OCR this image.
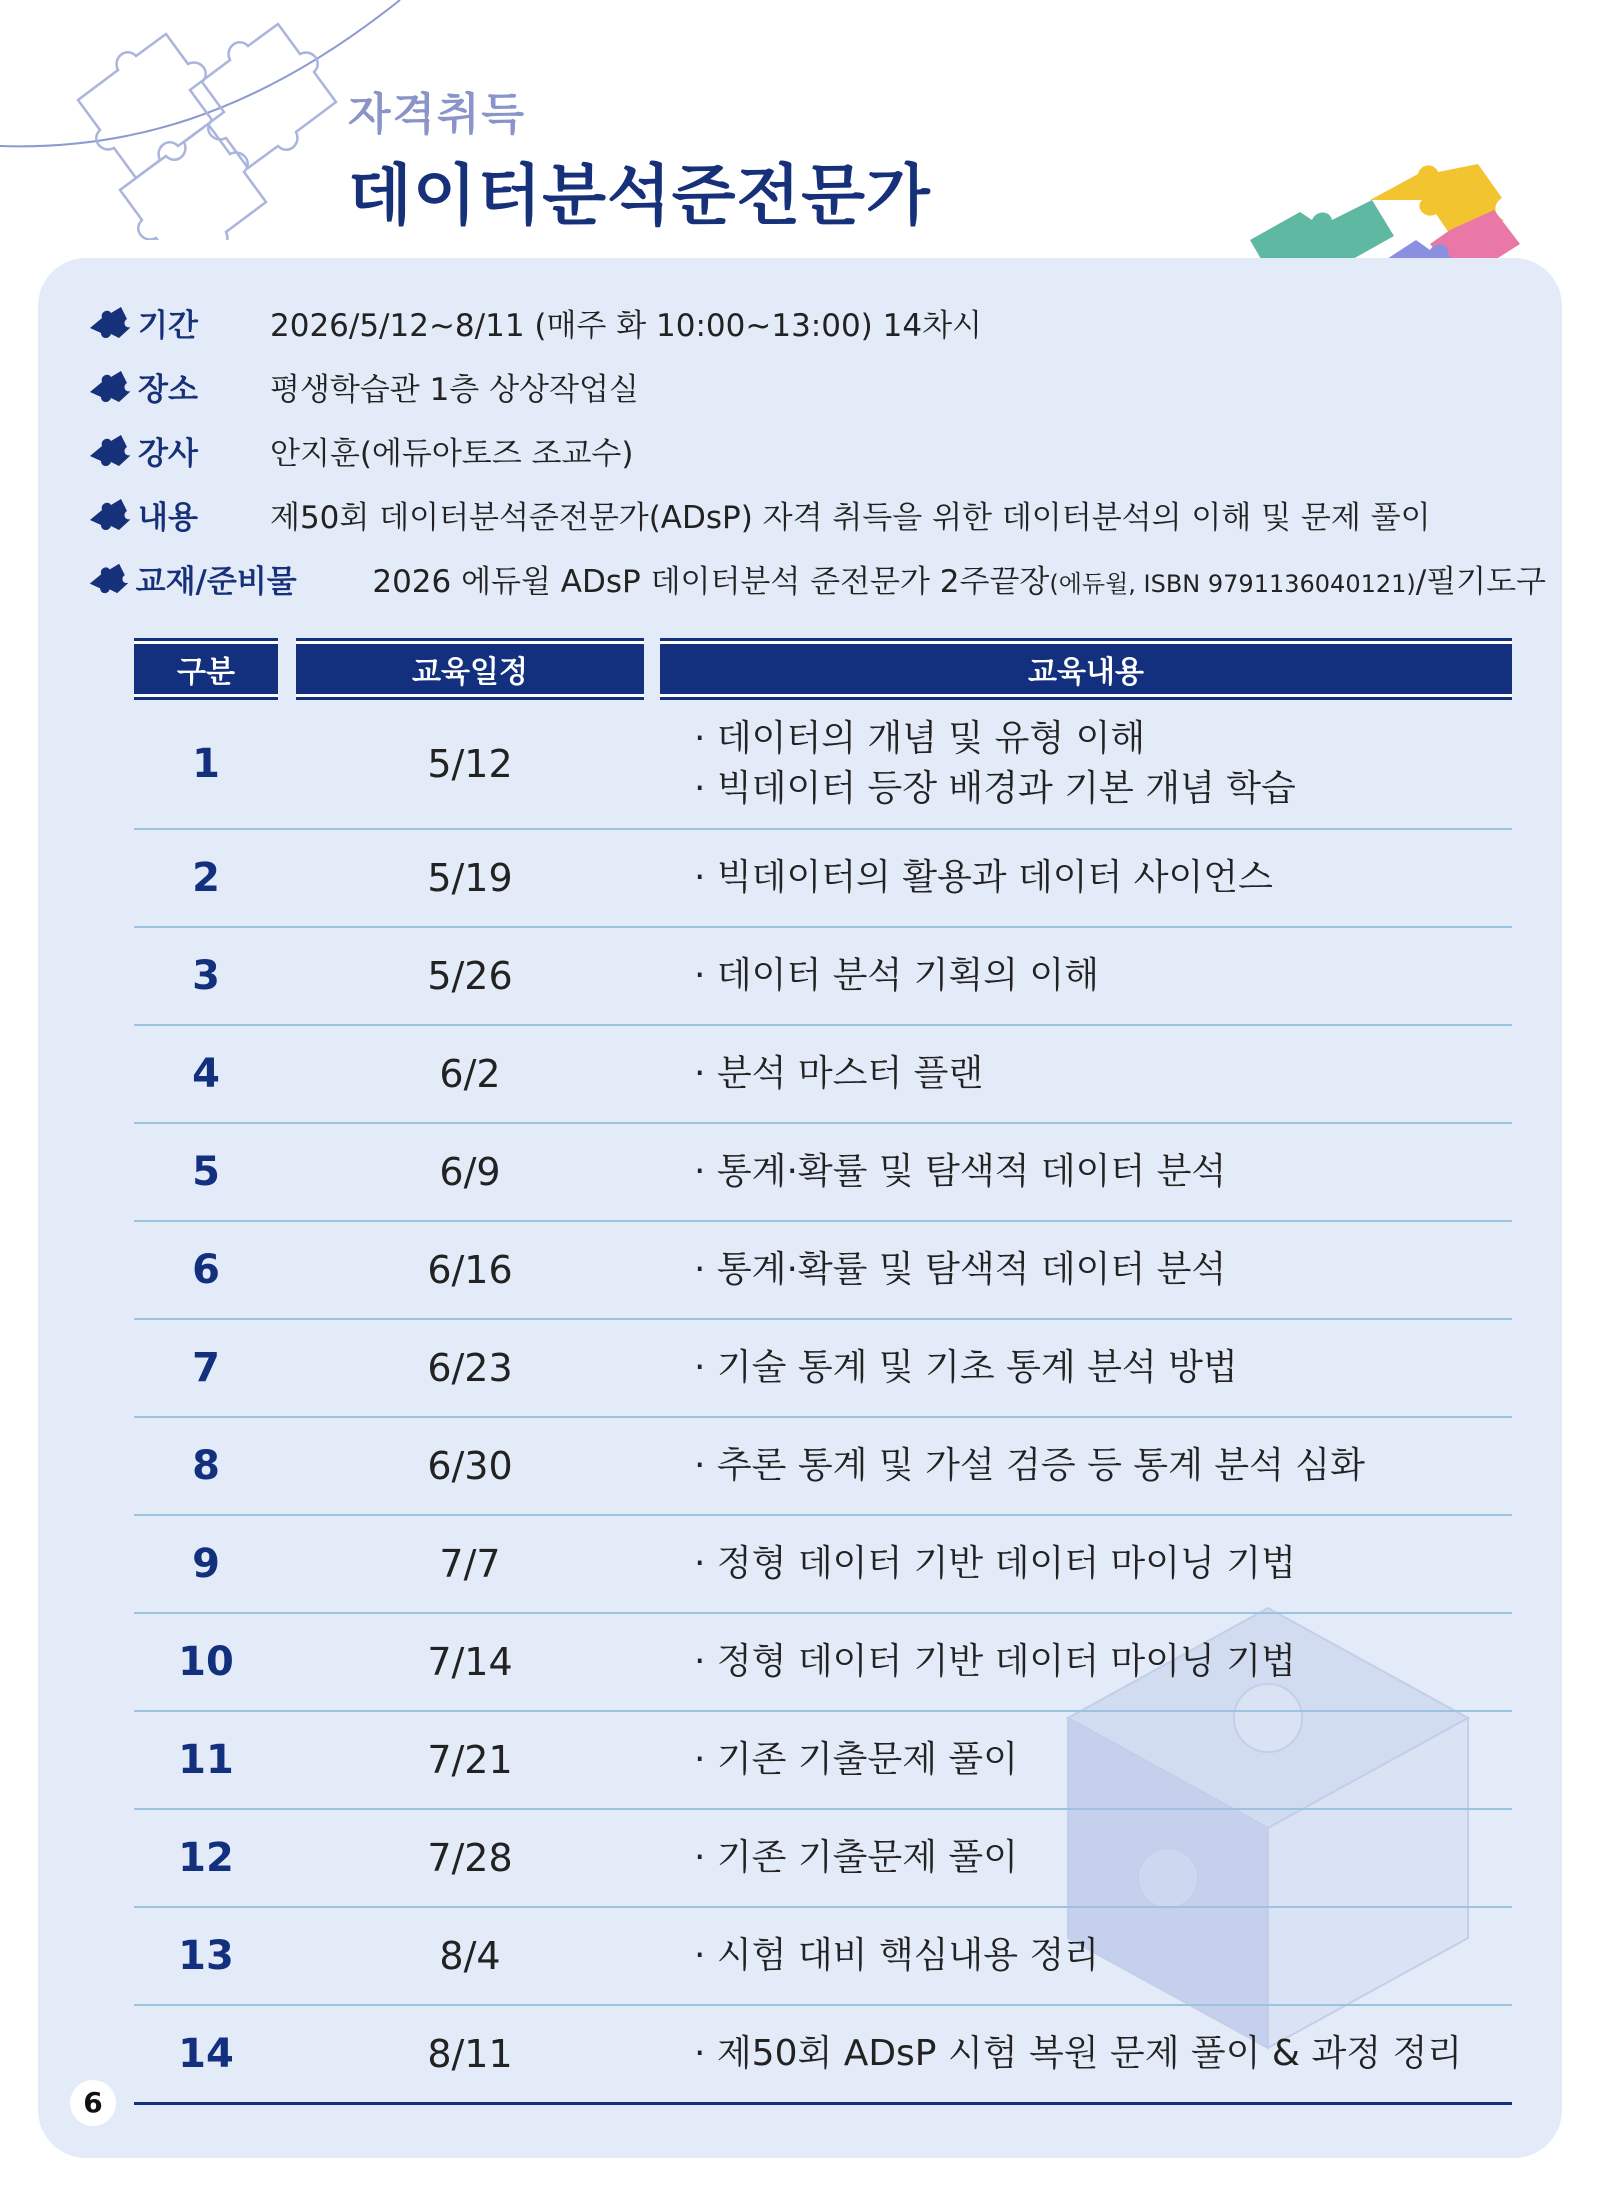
자격취득
데이터분석준전문가
기간	2026/5/12~8/11 (매주 화 10:00~13:00) 14차시
장소	평생학습관 1층 상상작업실
강사	안지훈(에듀아토즈 조교수)
내용	제50회 데이터분석준전문가(ADsP) 자격 취득을 위한 데이터분석의 이해 및 문제 풀이
교재/준비물	2026 에듀윌 ADsP 데이터분석 준전문가 2주끝장(에듀윌, ISBN 9791136040121)/필기도구
구분	교육일정	교육내용
1	5/12
· 데이터의 개념 및 유형 이해
· 빅데이터 등장 배경과 기본 개념 학습
2	5/19	· 빅데이터의 활용과 데이터 사이언스
3	5/26	· 데이터 분석 기획의 이해
4	6/2	· 분석 마스터 플랜
5	6/9	· 통계·확률 및 탐색적 데이터 분석
6	6/16	· 통계·확률 및 탐색적 데이터 분석
7	6/23	· 기술 통계 및 기초 통계 분석 방법
8	6/30	· 추론 통계 및 가설 검증 등 통계 분석 심화
9	7/7	· 정형 데이터 기반 데이터 마이닝 기법
10	7/14	· 정형 데이터 기반 데이터 마이닝 기법
11	7/21	· 기존 기출문제 풀이
12	7/28	· 기존 기출문제 풀이
13	8/4	· 시험 대비 핵심내용 정리
14	8/11	· 제50회 ADsP 시험 복원 문제 풀이 & 과정 정리
6
